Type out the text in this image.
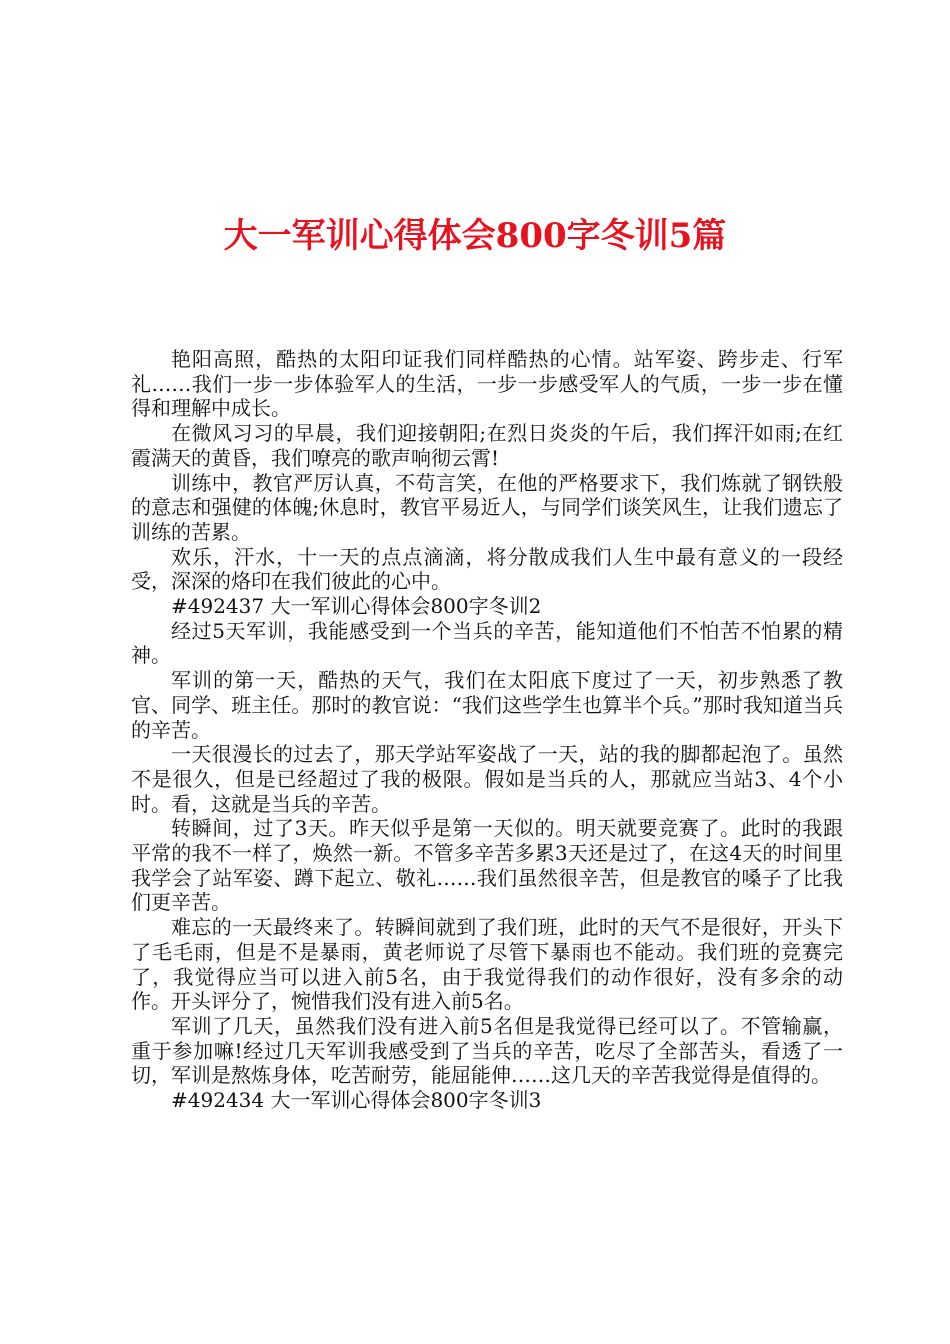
大一军训心得体会800字冬训5篇

艳阳高照，酷热的太阳印证我们同样酷热的心情。站军姿、跨步走、行军礼……我们一步一步体验军人的生活，一步一步感受军人的气质，一步一步在懂得和理解中成长。

在微风习习的早晨，我们迎接朝阳;在烈日炎炎的午后，我们挥汗如雨;在红霞满天的黄昏，我们嘹亮的歌声响彻云霄!

训练中，教官严厉认真，不苟言笑，在他的严格要求下，我们炼就了钢铁般的意志和强健的体魄;休息时，教官平易近人，与同学们谈笑风生，让我们遗忘了训练的苦累。

欢乐，汗水，十一天的点点滴滴，将分散成我们人生中最有意义的一段经受，深深的烙印在我们彼此的心中。

#492437 大一军训心得体会800字冬训2

经过5天军训，我能感受到一个当兵的辛苦，能知道他们不怕苦不怕累的精神。

军训的第一天，酷热的天气，我们在太阳底下度过了一天，初步熟悉了教官、同学、班主任。那时的教官说：“我们这些学生也算半个兵。”那时我知道当兵的辛苦。

一天很漫长的过去了，那天学站军姿战了一天，站的我的脚都起泡了。虽然不是很久，但是已经超过了我的极限。假如是当兵的人，那就应当站3、4个小时。看，这就是当兵的辛苦。

转瞬间，过了3天。昨天似乎是第一天似的。明天就要竞赛了。此时的我跟平常的我不一样了，焕然一新。不管多辛苦多累3天还是过了，在这4天的时间里我学会了站军姿、蹲下起立、敬礼……我们虽然很辛苦，但是教官的嗓子了比我们更辛苦。

难忘的一天最终来了。转瞬间就到了我们班，此时的天气不是很好，开头下了毛毛雨，但是不是暴雨，黄老师说了尽管下暴雨也不能动。我们班的竞赛完了，我觉得应当可以进入前5名，由于我觉得我们的动作很好，没有多余的动作。开头评分了，惋惜我们没有进入前5名。

军训了几天，虽然我们没有进入前5名但是我觉得已经可以了。不管输赢，重于参加嘛!经过几天军训我感受到了当兵的辛苦，吃尽了全部苦头，看透了一切，军训是熬炼身体，吃苦耐劳，能屈能伸……这几天的辛苦我觉得是值得的。

#492434 大一军训心得体会800字冬训3
